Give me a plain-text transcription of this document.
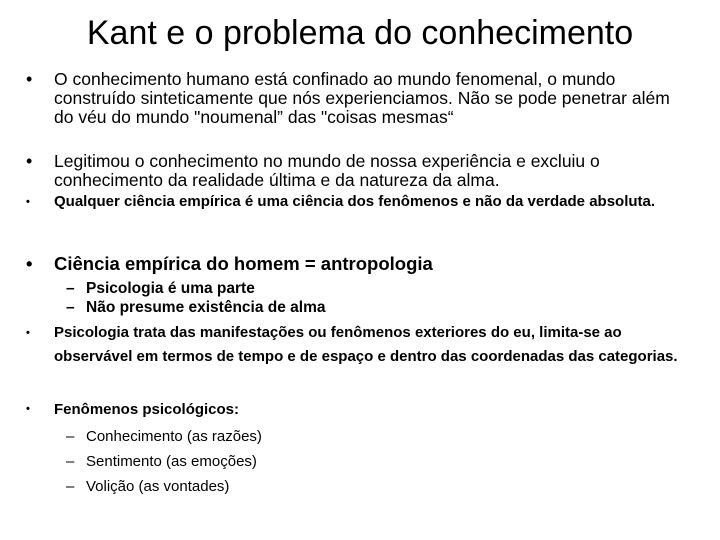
Kant e o problema do conhecimento
• O conhecimento humano está confinado ao mundo fenomenal, o mundo construído sinteticamente que nós experienciamos. Não se pode penetrar além do véu do mundo "noumenal” das "coisas mesmas“
• Legitimou o conhecimento no mundo de nossa experiência e excluiu o conhecimento da realidade última e da natureza da alma.
• Qualquer ciência empírica é uma ciência dos fenômenos e não da verdade absoluta.
• Ciência empírica do homem = antropologia
– Psicologia é uma parte
– Não presume existência de alma
• Psicologia trata das manifestações ou fenômenos exteriores do eu, limita-se ao observável em termos de tempo e de espaço e dentro das coordenadas das categorias.
• Fenômenos psicológicos:
– Conhecimento (as razões)
– Sentimento (as emoções)
– Volição (as vontades)
